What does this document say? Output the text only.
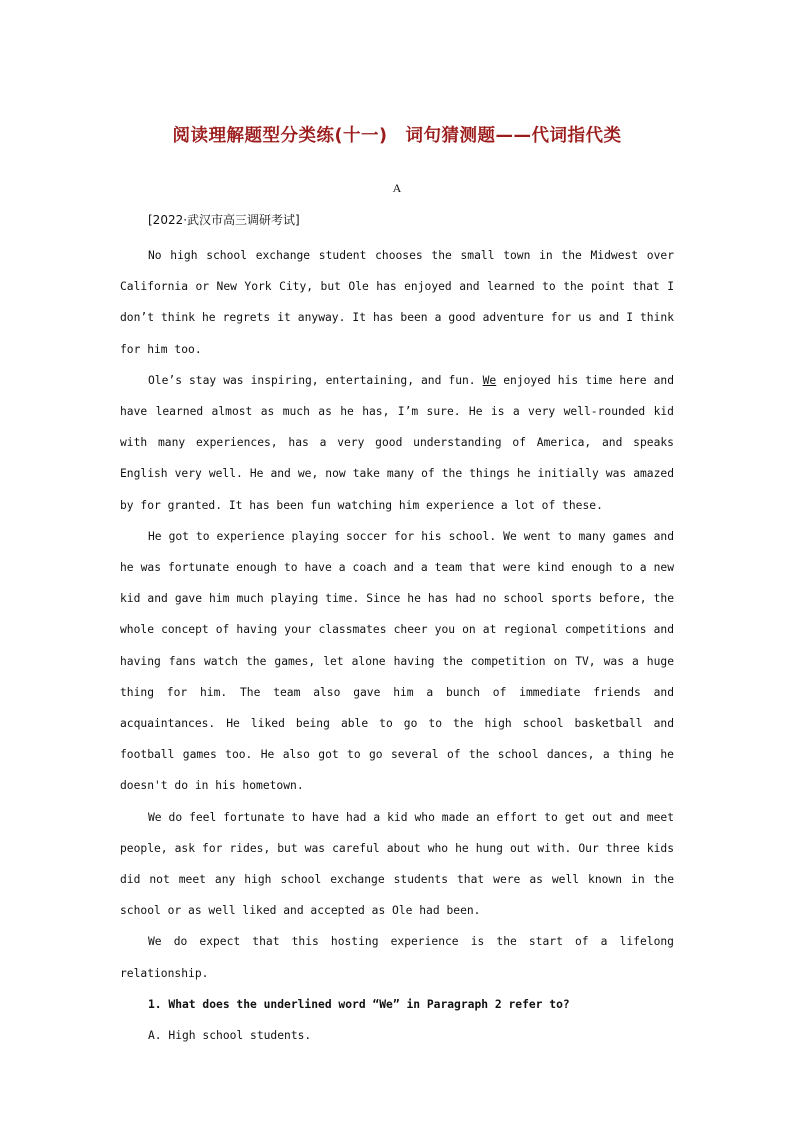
阅读理解题型分类练(十一)　词句猜测题——代词指代类
A
[2022·武汉市高三调研考试]

No high school exchange student chooses the small town in the Midwest over California or New York City, but Ole has enjoyed and learned to the point that I don’t think he regrets it anyway. It has been a good adventure for us and I think for him too.

Ole’s stay was inspiring, entertaining, and fun. We enjoyed his time here and have learned almost as much as he has, I’m sure. He is a very well-rounded kid with many experiences, has a very good understanding of America, and speaks English very well. He and we, now take many of the things he initially was amazed by for granted. It has been fun watching him experience a lot of these.

He got to experience playing soccer for his school. We went to many games and he was fortunate enough to have a coach and a team that were kind enough to a new kid and gave him much playing time. Since he has had no school sports before, the whole concept of having your classmates cheer you on at regional competitions and having fans watch the games, let alone having the competition on TV, was a huge thing for him. The team also gave him a bunch of immediate friends and acquaintances. He liked being able to go to the high school basketball and football games too. He also got to go several of the school dances, a thing he doesn't do in his hometown.

We do feel fortunate to have had a kid who made an effort to get out and meet people, ask for rides, but was careful about who he hung out with. Our three kids did not meet any high school exchange students that were as well known in the school or as well liked and accepted as Ole had been.

We do expect that this hosting experience is the start of a lifelong relationship.

1. What does the underlined word “We” in Paragraph 2 refer to?

A. High school students.
